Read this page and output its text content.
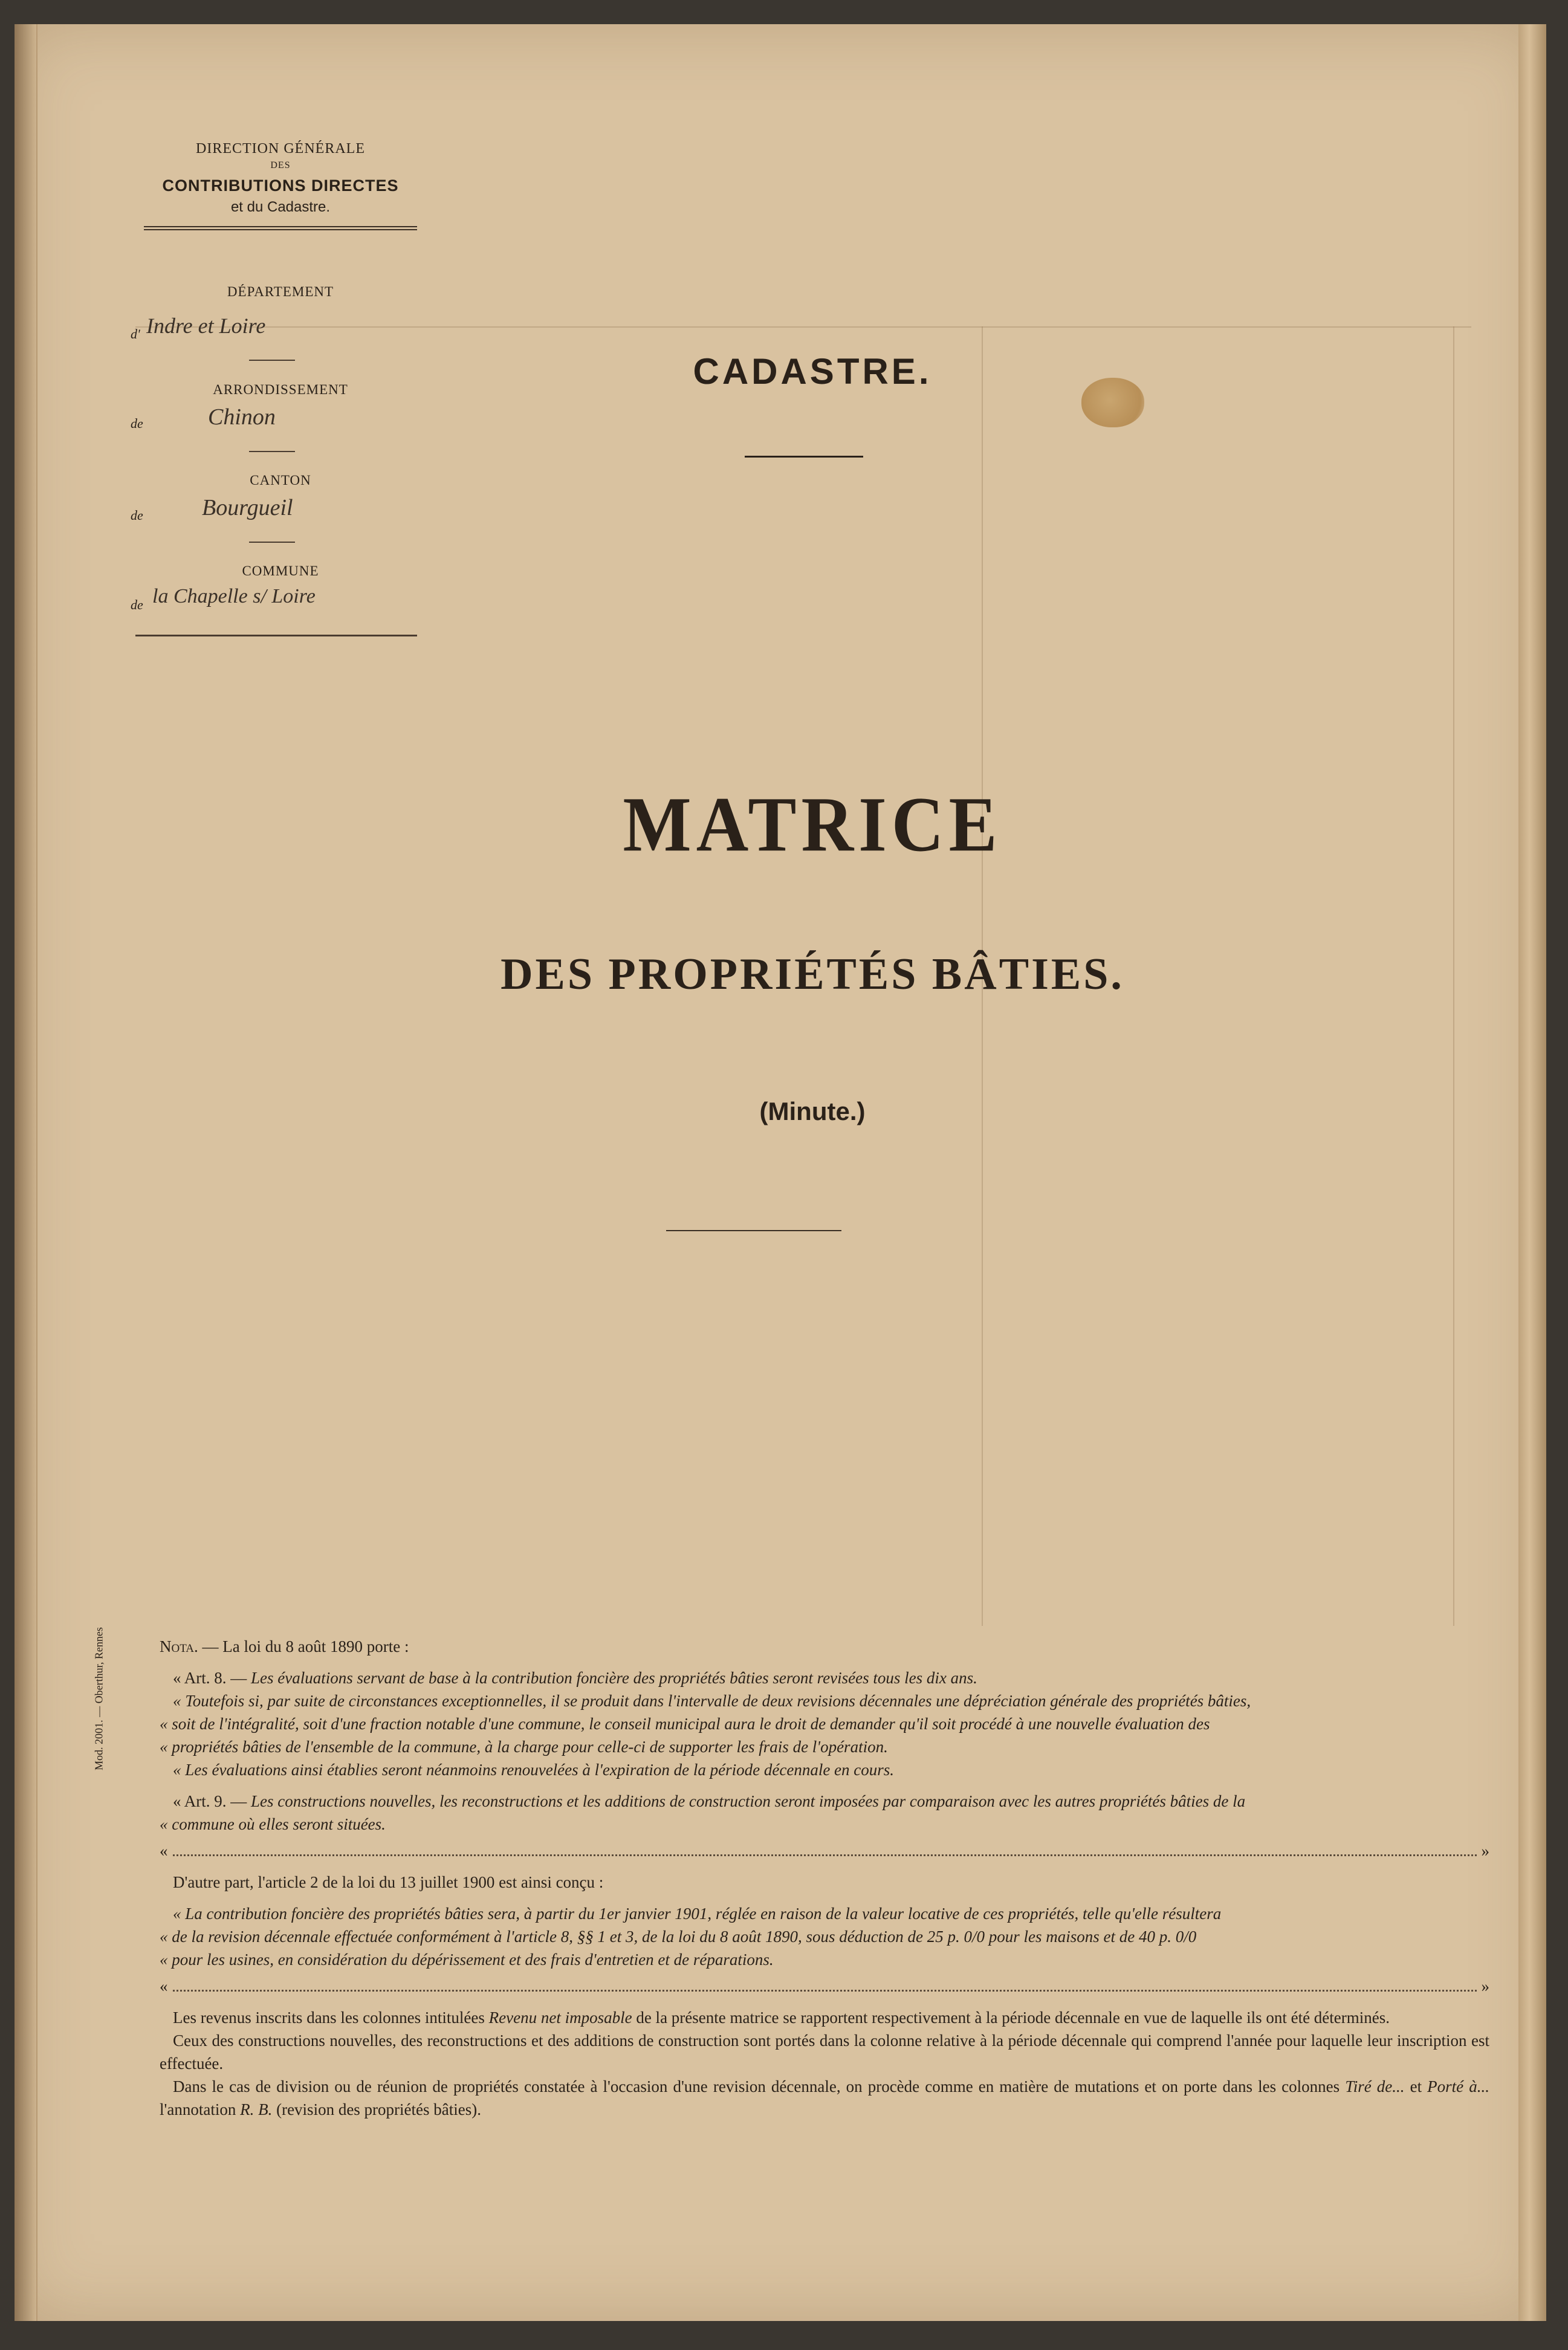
DIRECTION GÉNÉRALE
DES
CONTRIBUTIONS DIRECTES
et du Cadastre.
DÉPARTEMENT
d' Indre et Loire
ARRONDISSEMENT
de	Chinon
CANTON
de	Bourgueil
COMMUNE
de la Chapelle s/ Loire
CADASTRE.
MATRICE
DES PROPRIÉTÉS BÂTIES.
(Minute.)
Mod. 2001. — Oberthur, Rennes	Nota. — La loi du 8 août 1890 porte :

« Art. 8. — Les évaluations servant de base à la contribution foncière des propriétés bâties seront revisées tous les dix ans.

« Toutefois si, par suite de circonstances exceptionnelles, il se produit dans l'intervalle de deux revisions décennales une dépréciation générale des propriétés bâties,

« soit de l'intégralité, soit d'une fraction notable d'une commune, le conseil municipal aura le droit de demander qu'il soit procédé à une nouvelle évaluation des

« propriétés bâties de l'ensemble de la commune, à la charge pour celle-ci de supporter les frais de l'opération.

« Les évaluations ainsi établies seront néanmoins renouvelées à l'expiration de la période décennale en cours.

« Art. 9. — Les constructions nouvelles, les reconstructions et les additions de construction seront imposées par comparaison avec les autres propriétés bâties de la

« commune où elles seront situées.

«	»

D'autre part, l'article 2 de la loi du 13 juillet 1900 est ainsi conçu :

« La contribution foncière des propriétés bâties sera, à partir du 1er janvier 1901, réglée en raison de la valeur locative de ces propriétés, telle qu'elle résultera

« de la revision décennale effectuée conformément à l'article 8, §§ 1 et 3, de la loi du 8 août 1890, sous déduction de 25 p. 0/0 pour les maisons et de 40 p. 0/0

« pour les usines, en considération du dépérissement et des frais d'entretien et de réparations.

«	»

Les revenus inscrits dans les colonnes intitulées Revenu net imposable de la présente matrice se rapportent respectivement à la période décennale en vue de laquelle ils ont été déterminés.

Ceux des constructions nouvelles, des reconstructions et des additions de construction sont portés dans la colonne relative à la période décennale qui comprend l'année pour laquelle leur inscription est effectuée.

Dans le cas de division ou de réunion de propriétés constatée à l'occasion d'une revision décennale, on procède comme en matière de mutations et on porte dans les colonnes Tiré de... et Porté à... l'annotation R. B. (revision des propriétés bâties).
